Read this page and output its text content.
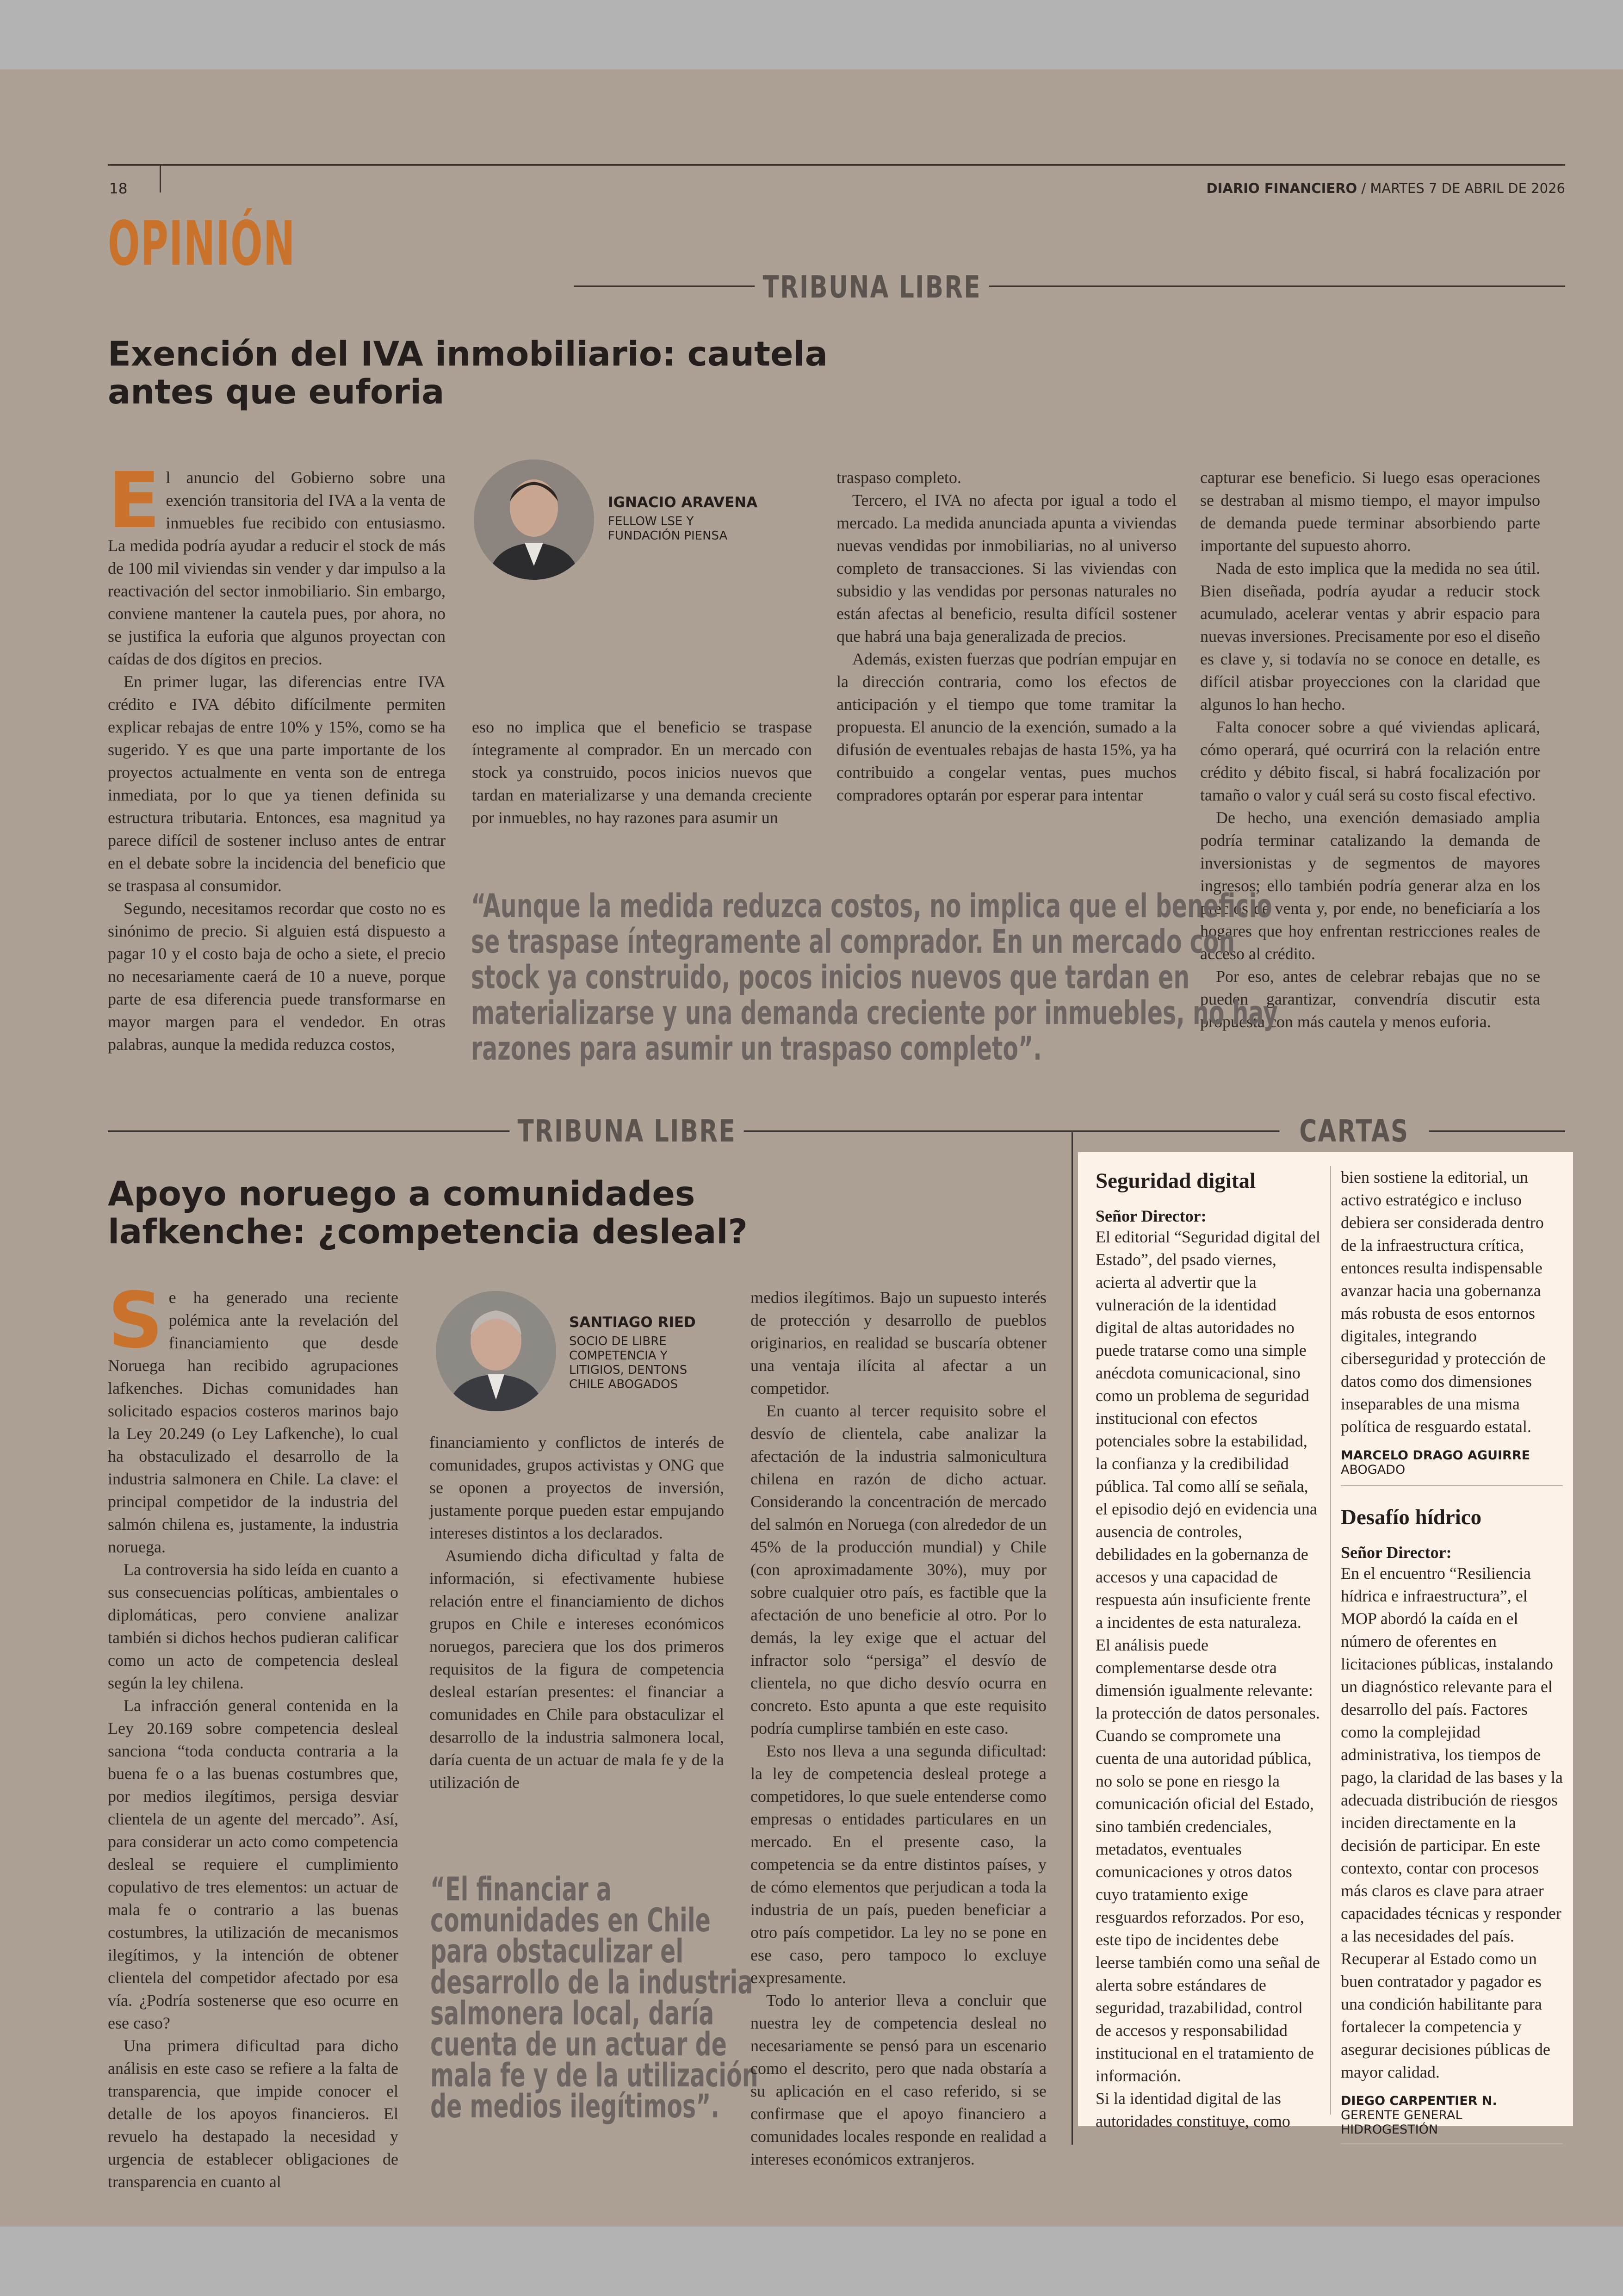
18	DIARIO FINANCIERO / MARTES 7 DE ABRIL DE 2026
OPINIÓN
TRIBUNA LIBRE
Exención del IVA inmobiliario: cautela
antes que euforia
E l anuncio del Gobierno sobre una exención transitoria del IVA a la venta de inmuebles fue recibido con entusiasmo. La medida podría ayudar a reducir el stock de más de 100 mil viviendas sin vender y dar impulso a la reactivación del sector inmobiliario. Sin embargo, conviene mantener la cautela pues, por ahora, no se justifica la euforia que algunos proyectan con caídas de dos dígitos en precios.

En primer lugar, las diferencias entre IVA crédito e IVA débito difícilmente permiten explicar rebajas de entre 10% y 15%, como se ha sugerido. Y es que una parte importante de los proyectos actualmente en venta son de entrega inmediata, por lo que ya tienen definida su estructura tributaria. Entonces, esa magnitud ya parece difícil de sostener incluso antes de entrar en el debate sobre la incidencia del beneficio que se traspasa al consumidor.

Segundo, necesitamos recordar que costo no es sinónimo de precio. Si alguien está dispuesto a pagar 10 y el costo baja de ocho a siete, el precio no necesariamente caerá de 10 a nueve, porque parte de esa diferencia puede transformarse en mayor margen para el vendedor. En otras palabras, aunque la medida reduzca costos,

IGNACIO ARAVENA
FELLOW LSE Y
FUNDACIÓN PIENSA

eso no implica que el beneficio se traspase íntegramente al comprador. En un mercado con stock ya construido, pocos inicios nuevos que tardan en materializarse y una demanda creciente por inmuebles, no hay razones para asumir un

traspaso completo.

Tercero, el IVA no afecta por igual a todo el mercado. La medida anunciada apunta a viviendas nuevas vendidas por inmobiliarias, no al universo completo de transacciones. Si las viviendas con subsidio y las vendidas por personas naturales no están afectas al beneficio, resulta difícil sostener que habrá una baja generalizada de precios.

Además, existen fuerzas que podrían empujar en la dirección contraria, como los efectos de anticipación y el tiempo que tome tramitar la propuesta. El anuncio de la exención, sumado a la difusión de eventuales rebajas de hasta 15%, ya ha contribuido a congelar ventas, pues muchos compradores optarán por esperar para intentar

capturar ese beneficio. Si luego esas operaciones se destraban al mismo tiempo, el mayor impulso de demanda puede terminar absorbiendo parte importante del supuesto ahorro.

Nada de esto implica que la medida no sea útil. Bien diseñada, podría ayudar a reducir stock acumulado, acelerar ventas y abrir espacio para nuevas inversiones. Precisamente por eso el diseño es clave y, si todavía no se conoce en detalle, es difícil atisbar proyecciones con la claridad que algunos lo han hecho.

Falta conocer sobre a qué viviendas aplicará, cómo operará, qué ocurrirá con la relación entre crédito y débito fiscal, si habrá focalización por tamaño o valor y cuál será su costo fiscal efectivo.

De hecho, una exención demasiado amplia podría terminar catalizando la demanda de inversionistas y de segmentos de mayores ingresos; ello también podría generar alza en los precios de venta y, por ende, no beneficiaría a los hogares que hoy enfrentan restricciones reales de acceso al crédito.

Por eso, antes de celebrar rebajas que no se pueden garantizar, convendría discutir esta propuesta con más cautela y menos euforia.

“Aunque la medida reduzca costos, no implica que el beneficio
se traspase íntegramente al comprador. En un mercado con
stock ya construido, pocos inicios nuevos que tardan en
materializarse y una demanda creciente por inmuebles, no hay
razones para asumir un traspaso completo”.
TRIBUNA LIBRE	CARTAS
Apoyo noruego a comunidades
lafkenche: ¿competencia desleal?
S e ha generado una reciente polémica ante la revelación del financiamiento que desde Noruega han recibido agrupaciones lafkenches. Dichas comunidades han solicitado espacios costeros marinos bajo la Ley 20.249 (o Ley Lafkenche), lo cual ha obstaculizado el desarrollo de la industria salmonera en Chile. La clave: el principal competidor de la industria del salmón chilena es, justamente, la industria noruega.

La controversia ha sido leída en cuanto a sus consecuencias políticas, ambientales o diplomáticas, pero conviene analizar también si dichos hechos pudieran calificar como un acto de competencia desleal según la ley chilena.

La infracción general contenida en la Ley 20.169 sobre competencia desleal sanciona “toda conducta contraria a la buena fe o a las buenas costumbres que, por medios ilegítimos, persiga desviar clientela de un agente del mercado”. Así, para considerar un acto como competencia desleal se requiere el cumplimiento copulativo de tres elementos: un actuar de mala fe o contrario a las buenas costumbres, la utilización de mecanismos ilegítimos, y la intención de obtener clientela del competidor afectado por esa vía. ¿Podría sostenerse que eso ocurre en ese caso?

Una primera dificultad para dicho análisis en este caso se refiere a la falta de transparencia, que impide conocer el detalle de los apoyos financieros. El revuelo ha destapado la necesidad y urgencia de establecer obligaciones de transparencia en cuanto al

SANTIAGO RIED
SOCIO DE LIBRE
COMPETENCIA Y
LITIGIOS, DENTONS
CHILE ABOGADOS

financiamiento y conflictos de interés de comunidades, grupos activistas y ONG que se oponen a proyectos de inversión, justamente porque pueden estar empujando intereses distintos a los declarados.

Asumiendo dicha dificultad y falta de información, si efectivamente hubiese relación entre el financiamiento de dichos grupos en Chile e intereses económicos noruegos, pareciera que los dos primeros requisitos de la figura de competencia desleal estarían presentes: el financiar a comunidades en Chile para obstaculizar el desarrollo de la industria salmonera local, daría cuenta de un actuar de mala fe y de la utilización de

“El financiar a
comunidades en Chile
para obstaculizar el
desarrollo de la industria
salmonera local, daría
cuenta de un actuar de
mala fe y de la utilización
de medios ilegítimos”.

medios ilegítimos. Bajo un supuesto interés de protección y desarrollo de pueblos originarios, en realidad se buscaría obtener una ventaja ilícita al afectar a un competidor.

En cuanto al tercer requisito sobre el desvío de clientela, cabe analizar la afectación de la industria salmonicultura chilena en razón de dicho actuar. Considerando la concentración de mercado del salmón en Noruega (con alrededor de un 45% de la producción mundial) y Chile (con aproximadamente 30%), muy por sobre cualquier otro país, es factible que la afectación de uno beneficie al otro. Por lo demás, la ley exige que el actuar del infractor solo “persiga” el desvío de clientela, no que dicho desvío ocurra en concreto. Esto apunta a que este requisito podría cumplirse también en este caso.

Esto nos lleva a una segunda dificultad: la ley de competencia desleal protege a competidores, lo que suele entenderse como empresas o entidades particulares en un mercado. En el presente caso, la competencia se da entre distintos países, y de cómo elementos que perjudican a toda la industria de un país, pueden beneficiar a otro país competidor. La ley no se pone en ese caso, pero tampoco lo excluye expresamente.

Todo lo anterior lleva a concluir que nuestra ley de competencia desleal no necesariamente se pensó para un escenario como el descrito, pero que nada obstaría a su aplicación en el caso referido, si se confirmase que el apoyo financiero a comunidades locales responde en realidad a intereses económicos extranjeros.

Seguridad digital
Señor Director:

El editorial “Seguridad digital del Estado”, del psado viernes, acierta al advertir que la vulneración de la identidad digital de altas autoridades no puede tratarse como una simple anécdota comunicacional, sino como un problema de seguridad institucional con efectos potenciales sobre la estabilidad, la confianza y la credibilidad pública. Tal como allí se señala, el episodio dejó en evidencia una ausencia de controles, debilidades en la gobernanza de accesos y una capacidad de respuesta aún insuficiente frente a incidentes de esta naturaleza.

El análisis puede complementarse desde otra dimensión igualmente relevante: la protección de datos personales. Cuando se compromete una cuenta de una autoridad pública, no solo se pone en riesgo la comunicación oficial del Estado, sino también credenciales, metadatos, eventuales comunicaciones y otros datos cuyo tratamiento exige resguardos reforzados. Por eso, este tipo de incidentes debe leerse también como una señal de alerta sobre estándares de seguridad, trazabilidad, control de accesos y responsabilidad institucional en el tratamiento de información.

Si la identidad digital de las autoridades constituye, como

bien sostiene la editorial, un activo estratégico e incluso debiera ser considerada dentro de la infraestructura crítica, entonces resulta indispensable avanzar hacia una gobernanza más robusta de esos entornos digitales, integrando ciberseguridad y protección de datos como dos dimensiones inseparables de una misma política de resguardo estatal.

MARCELO DRAGO AGUIRRE
ABOGADO
Desafío hídrico
Señor Director:

En el encuentro “Resiliencia hídrica e infraestructura”, el MOP abordó la caída en el número de oferentes en licitaciones públicas, instalando un diagnóstico relevante para el desarrollo del país. Factores como la complejidad administrativa, los tiempos de pago, la claridad de las bases y la adecuada distribución de riesgos inciden directamente en la decisión de participar. En este contexto, contar con procesos más claros es clave para atraer capacidades técnicas y responder a las necesidades del país. Recuperar al Estado como un buen contratador y pagador es una condición habilitante para fortalecer la competencia y asegurar decisiones públicas de mayor calidad.

DIEGO CARPENTIER N.
GERENTE GENERAL HIDROGESTIÓN
